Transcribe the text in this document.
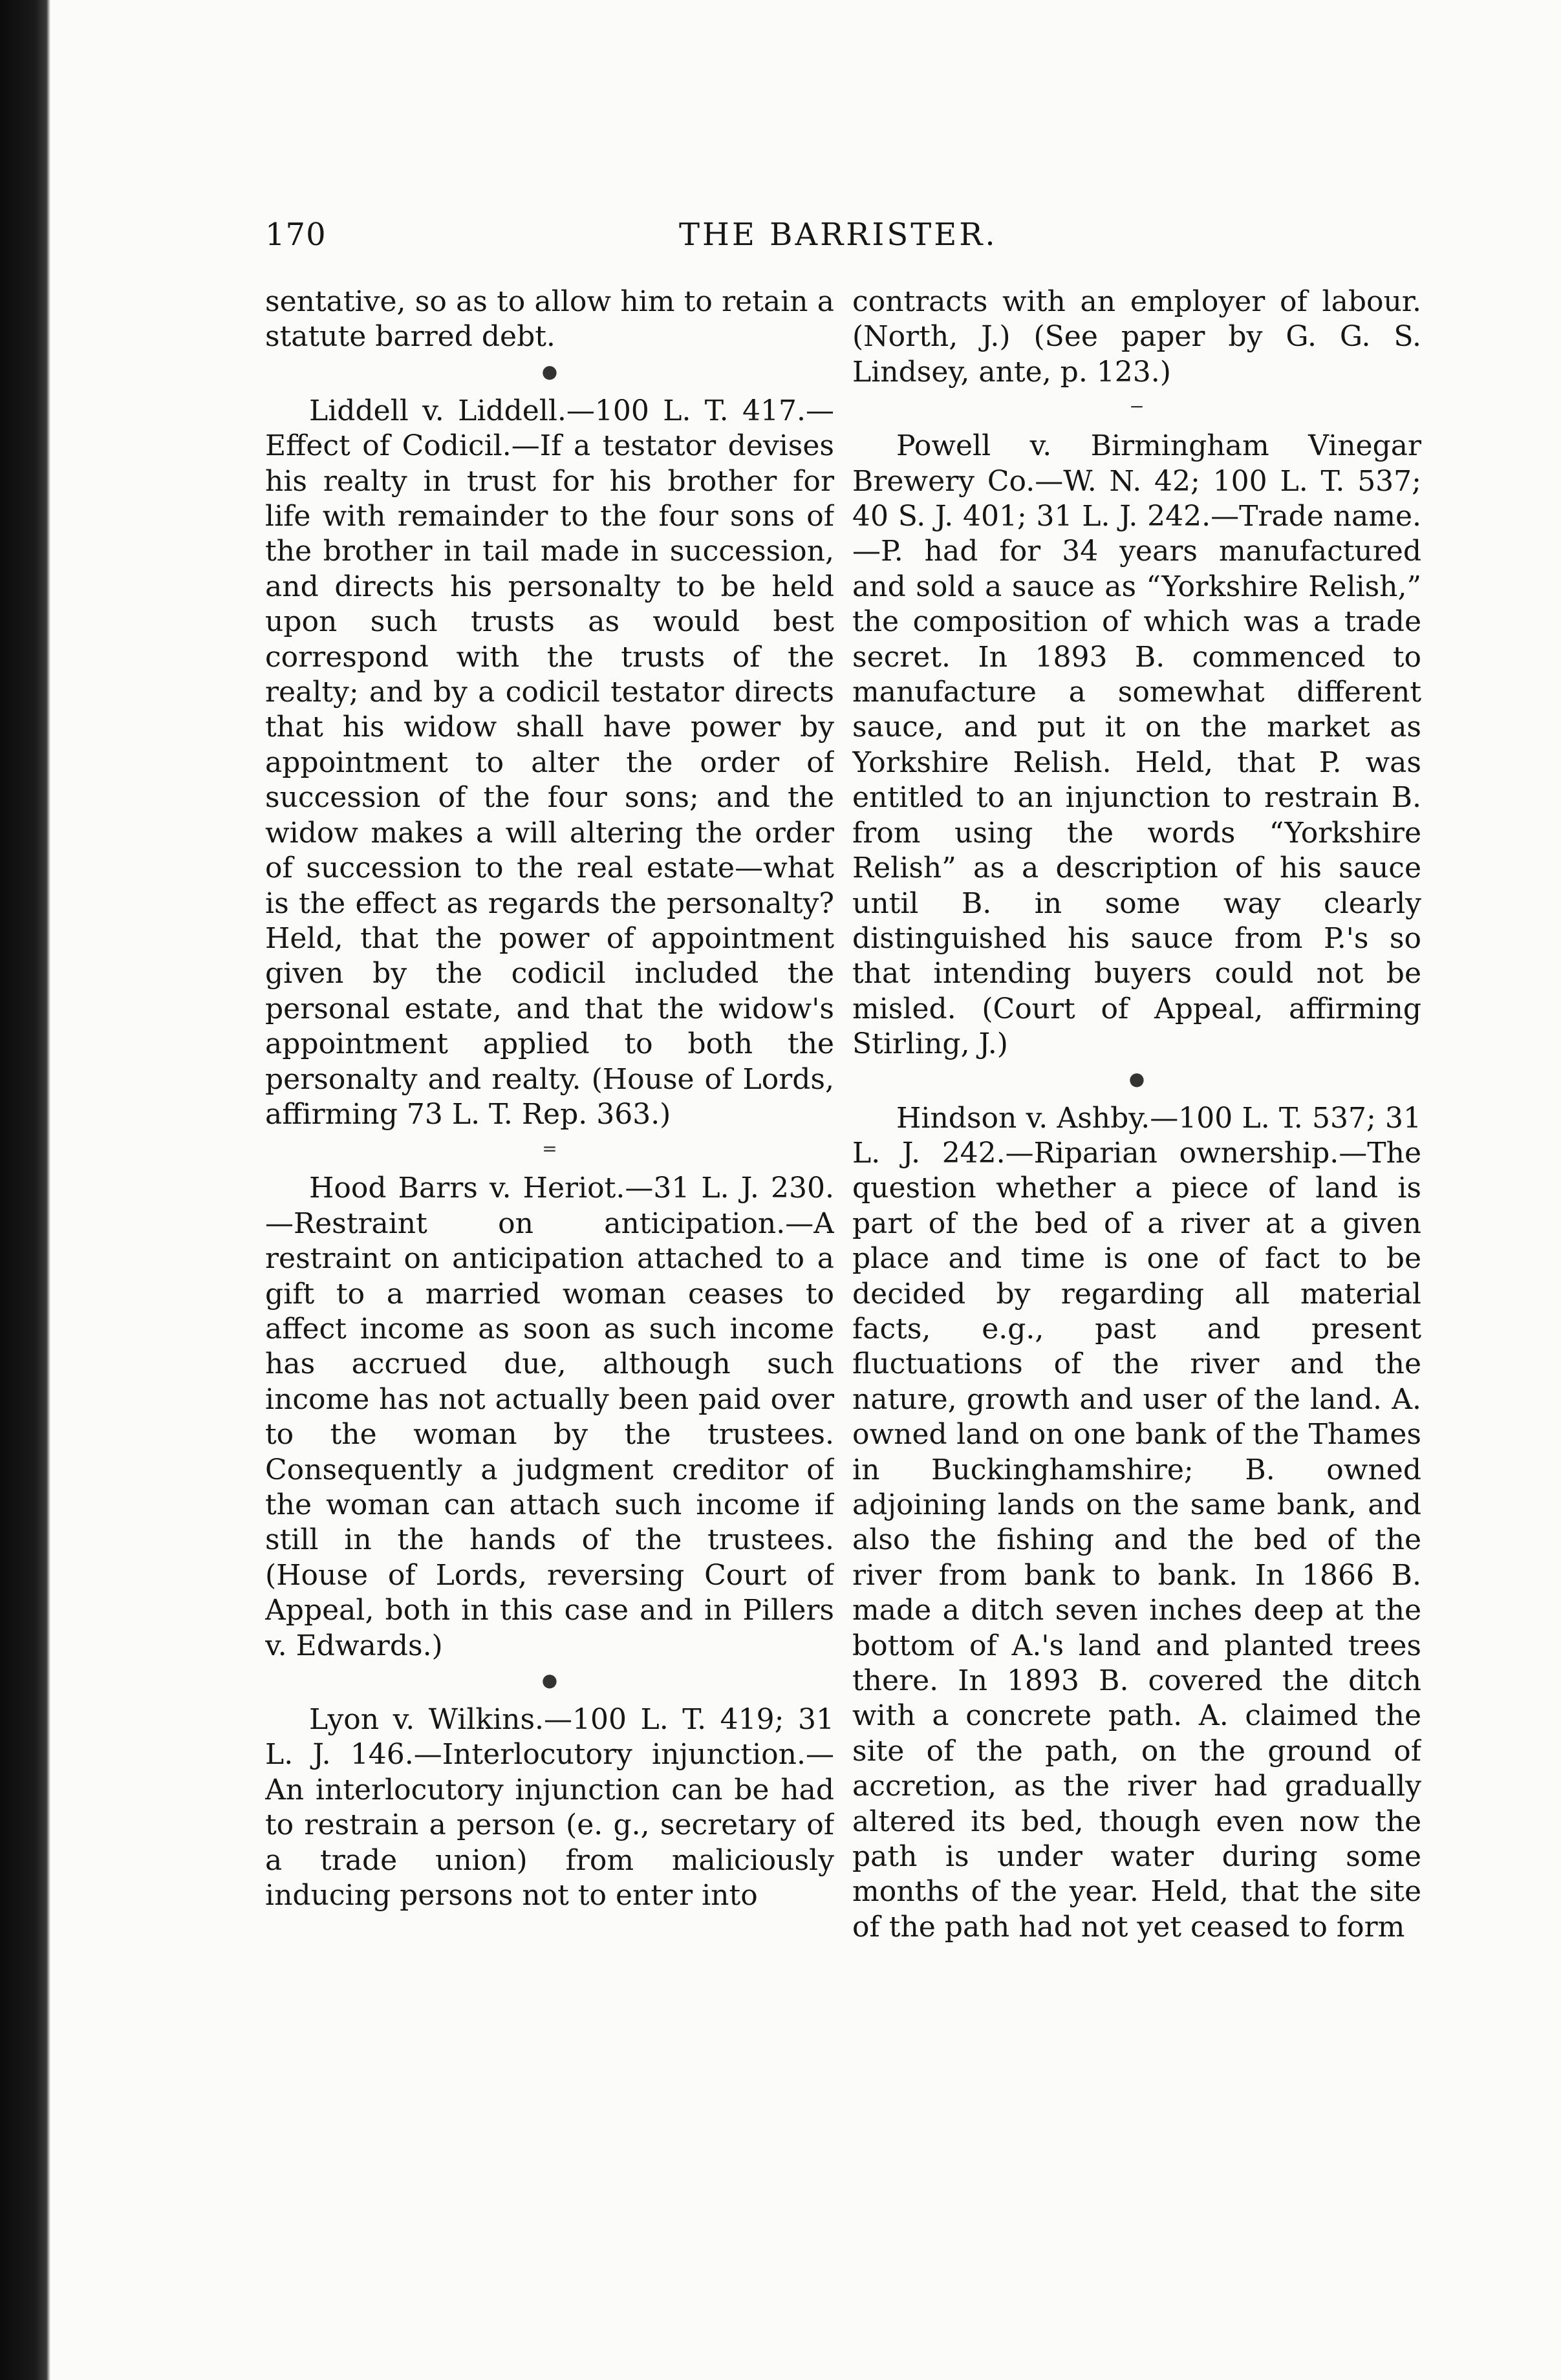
170	THE BARRISTER.

sentative, so as to allow him to retain a statute barred debt.

●

Liddell v. Liddell.—100 L. T. 417.—Effect of Codicil.—If a testator devises his realty in trust for his brother for life with remainder to the four sons of the brother in tail made in succession, and directs his personalty to be held upon such trusts as would best correspond with the trusts of the realty; and by a codicil testator directs that his widow shall have power by appointment to alter the order of succession of the four sons; and the widow makes a will altering the order of succession to the real estate—what is the effect as regards the personalty? Held, that the power of appointment given by the codicil included the personal estate, and that the widow's appointment applied to both the personalty and realty. (House of Lords, affirming 73 L. T. Rep. 363.)

=

Hood Barrs v. Heriot.—31 L. J. 230.—Restraint on anticipation.—A restraint on anticipation attached to a gift to a married woman ceases to affect income as soon as such income has accrued due, although such income has not actually been paid over to the woman by the trustees. Consequently a judgment creditor of the woman can attach such income if still in the hands of the trustees. (House of Lords, reversing Court of Appeal, both in this case and in Pillers v. Edwards.)

●

Lyon v. Wilkins.—100 L. T. 419; 31 L. J. 146.—Interlocutory injunction.—An interlocutory injunction can be had to restrain a person (e. g., secretary of a trade union) from maliciously inducing persons not to enter into

contracts with an employer of labour. (North, J.) (See paper by G. G. S. Lindsey, ante, p. 123.)

−

Powell v. Birmingham Vinegar Brewery Co.—W. N. 42; 100 L. T. 537; 40 S. J. 401; 31 L. J. 242.—Trade name.—P. had for 34 years manufactured and sold a sauce as “Yorkshire Relish,” the composition of which was a trade secret. In 1893 B. commenced to manufacture a somewhat different sauce, and put it on the market as Yorkshire Relish. Held, that P. was entitled to an injunction to restrain B. from using the words “Yorkshire Relish” as a description of his sauce until B. in some way clearly distinguished his sauce from P.'s so that intending buyers could not be misled. (Court of Appeal, affirming Stirling, J.)

●

Hindson v. Ashby.—100 L. T. 537; 31 L. J. 242.—Riparian ownership.—The question whether a piece of land is part of the bed of a river at a given place and time is one of fact to be decided by regarding all material facts, e.g., past and present fluctuations of the river and the nature, growth and user of the land. A. owned land on one bank of the Thames in Buckinghamshire; B. owned adjoining lands on the same bank, and also the fishing and the bed of the river from bank to bank. In 1866 B. made a ditch seven inches deep at the bottom of A.'s land and planted trees there. In 1893 B. covered the ditch with a concrete path. A. claimed the site of the path, on the ground of accretion, as the river had gradually altered its bed, though even now the path is under water during some months of the year. Held, that the site of the path had not yet ceased to form
